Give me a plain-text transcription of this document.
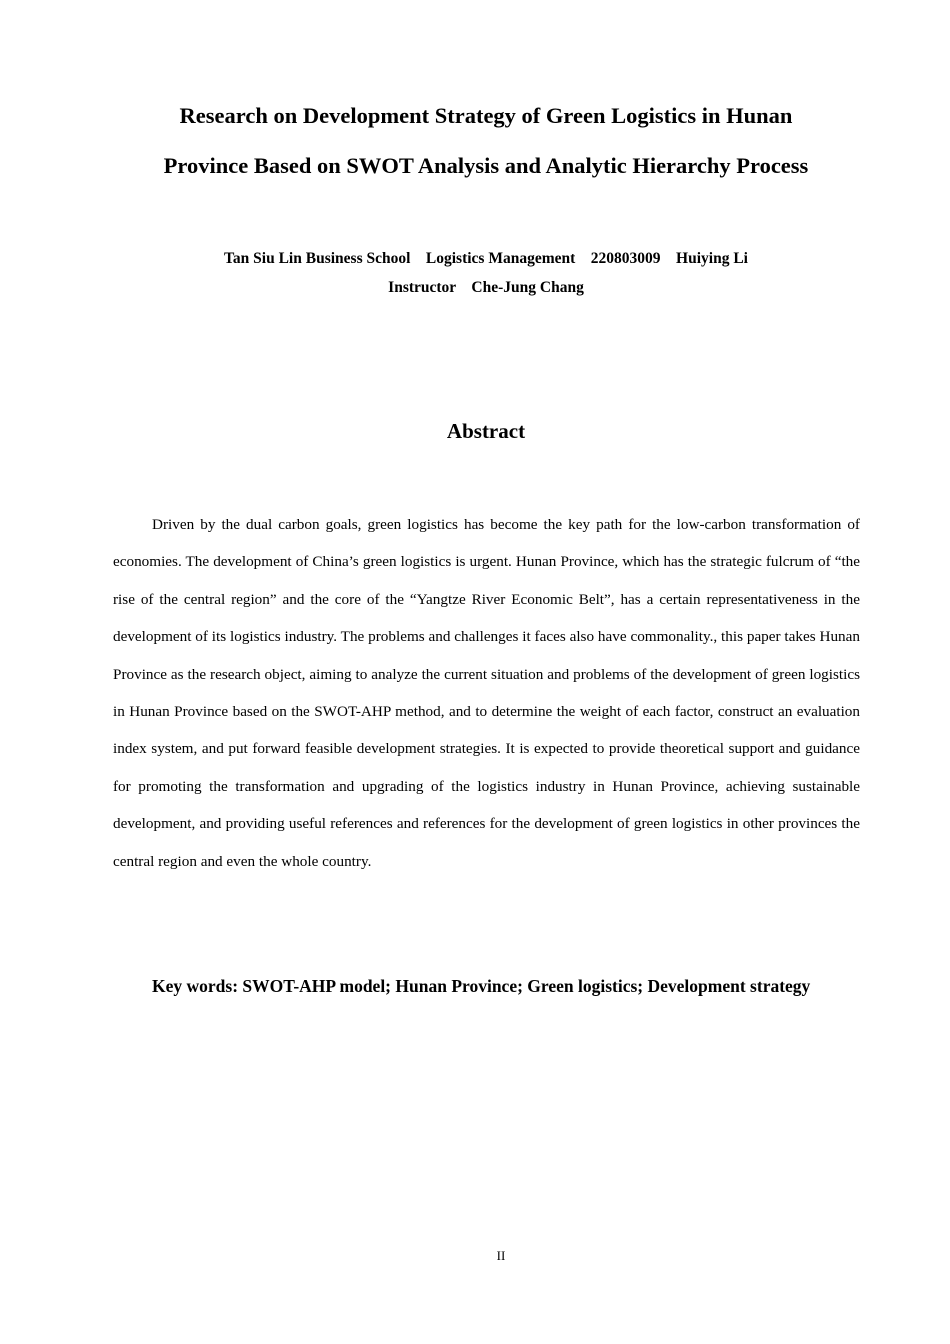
Research on Development Strategy of Green Logistics in Hunan
Province Based on SWOT Analysis and Analytic Hierarchy Process
Tan Siu Lin Business School    Logistics Management    220803009    Huiying Li
Instructor    Che-Jung Chang
Abstract

Driven by the dual carbon goals, green logistics has become the key path for the low-carbon transformation of economies. The development of China’s green logistics is urgent. Hunan Province, which has the strategic fulcrum of “the rise of the central region” and the core of the “Yangtze River Economic Belt”, has a certain representativeness in the development of its logistics industry. The problems and challenges it faces also have commonality., this paper takes Hunan Province as the research object, aiming to analyze the current situation and problems of the development of green logistics in Hunan Province based on the SWOT-AHP method, and to determine the weight of each factor, construct an evaluation index system, and put forward feasible development strategies. It is expected to provide theoretical support and guidance for promoting the transformation and upgrading of the logistics industry in Hunan Province, achieving sustainable development, and providing useful references and references for the development of green logistics in other provinces the central region and even the whole country.

Key words: SWOT-AHP model; Hunan Province; Green logistics; Development strategy

II
